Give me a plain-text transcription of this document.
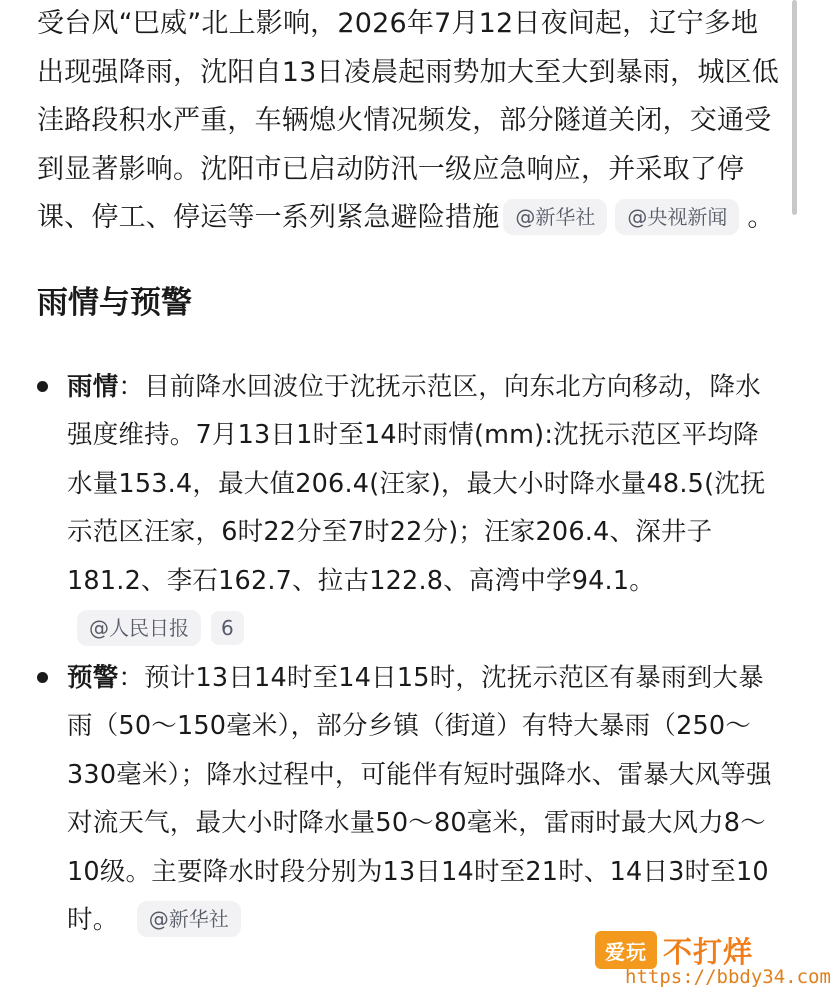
受台风“巴威”北上影响，2026年7月12日夜间起，辽宁多地出现强降雨，沈阳自13日凌晨起雨势加大至大到暴雨，城区低洼路段积水严重，车辆熄火情况频发，部分隧道关闭，交通受到显著影响。沈阳市已启动防汛一级应急响应，并采取了停课、停工、停运等一系列紧急避险措施 @新华社 @央视新闻 。

雨情与预警
雨情：目前降水回波位于沈抚示范区，向东北方向移动，降水强度维持。7月13日1时至14时雨情(mm):沈抚示范区平均降水量153.4，最大值206.4(汪家)，最大小时降水量48.5(沈抚示范区汪家，6时22分至7时22分)；汪家206.4、深井子181.2、李石162.7、拉古122.8、高湾中学94.1。 @人民日报 6
预警：预计13日14时至14日15时，沈抚示范区有暴雨到大暴雨（50～150毫米），部分乡镇（街道）有特大暴雨（250～330毫米）；降水过程中，可能伴有短时强降水、雷暴大风等强对流天气，最大小时降水量50～80毫米，雷雨时最大风力8～10级。主要降水时段分别为13日14时至21时、14日3时至10时。 @新华社
爱玩 不打烊
https://bbdy34.com
